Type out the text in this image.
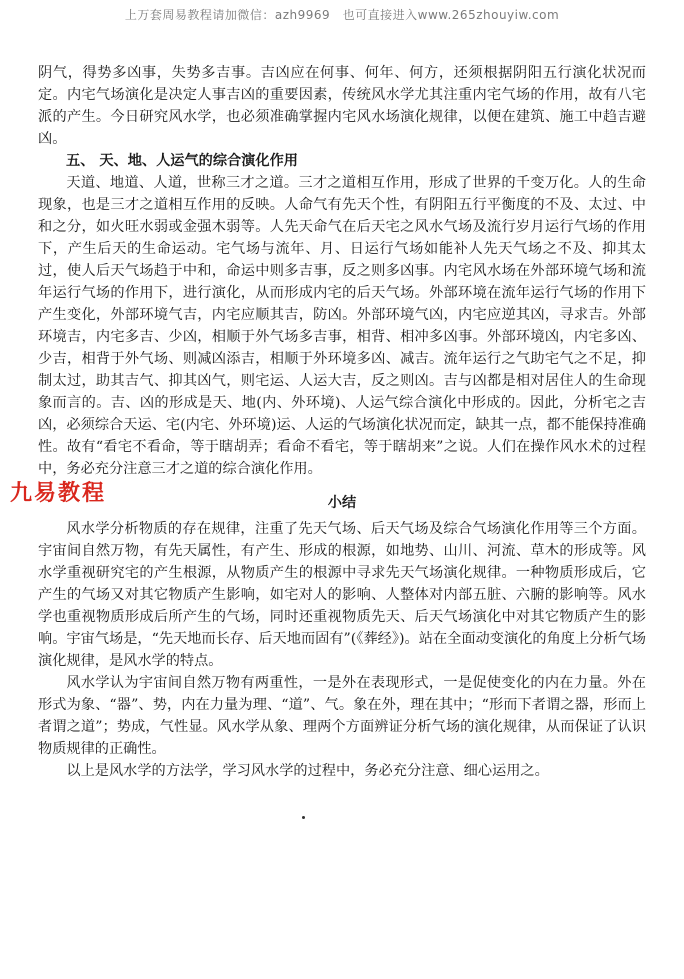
上万套周易教程请加微信：azh9969　也可直接进入www.265zhouyiw.com

阴气，得势多凶事，失势多吉事。吉凶应在何事、何年、何方，还须根据阴阳五行演化状况而定。内宅气场演化是决定人事吉凶的重要因素，传统风水学尤其注重内宅气场的作用，故有八宅派的产生。今日研究风水学，也必须准确掌握内宅风水场演化规律，以便在建筑、施工中趋吉避凶。

五、 天、地、人运气的综合演化作用

天道、地道、人道，世称三才之道。三才之道相互作用，形成了世界的千变万化。人的生命现象，也是三才之道相互作用的反映。人命气有先天个性，有阴阳五行平衡度的不及、太过、中和之分，如火旺水弱或金强木弱等。人先天命气在后天宅之风水气场及流行岁月运行气场的作用下，产生后天的生命运动。宅气场与流年、月、日运行气场如能补人先天气场之不及、抑其太过，使人后天气场趋于中和，命运中则多吉事，反之则多凶事。内宅风水场在外部环境气场和流年运行气场的作用下，进行演化，从而形成内宅的后天气场。外部环境在流年运行气场的作用下产生变化，外部环境气吉，内宅应顺其吉，防凶。外部环境气凶，内宅应逆其凶，寻求吉。外部环境吉，内宅多吉、少凶，相顺于外气场多吉事，相背、相冲多凶事。外部环境凶，内宅多凶、少吉，相背于外气场、则减凶添吉，相顺于外环境多凶、减吉。流年运行之气助宅气之不足，抑制太过，助其吉气、抑其凶气，则宅运、人运大吉，反之则凶。吉与凶都是相对居住人的生命现象而言的。吉、凶的形成是天、地(内、外环境)、人运气综合演化中形成的。因此，分析宅之吉凶，必须综合天运、宅(内宅、外环境)运、人运的气场演化状况而定，缺其一点，都不能保持准确性。故有“看宅不看命，等于瞎胡弄；看命不看宅，等于瞎胡来”之说。人们在操作风水术的过程中，务必充分注意三才之道的综合演化作用。

小结

风水学分析物质的存在规律，注重了先天气场、后天气场及综合气场演化作用等三个方面。宇宙间自然万物，有先天属性，有产生、形成的根源，如地势、山川、河流、草木的形成等。风水学重视研究宅的产生根源，从物质产生的根源中寻求先天气场演化规律。一种物质形成后，它产生的气场又对其它物质产生影响，如宅对人的影响、人整体对内部五脏、六腑的影响等。风水学也重视物质形成后所产生的气场，同时还重视物质先天、后天气场演化中对其它物质产生的影响。宇宙气场是，“先天地而长存、后天地而固有”(《葬经》)。站在全面动变演化的角度上分析气场演化规律，是风水学的特点。

风水学认为宇宙间自然万物有两重性，一是外在表现形式，一是促使变化的内在力量。外在形式为象、“器”、势，内在力量为理、“道”、气。象在外，理在其中；“形而下者谓之器，形而上者谓之道”；势成，气性显。风水学从象、理两个方面辨证分析气场的演化规律，从而保证了认识物质规律的正确性。

以上是风水学的方法学，学习风水学的过程中，务必充分注意、细心运用之。

九易教程
